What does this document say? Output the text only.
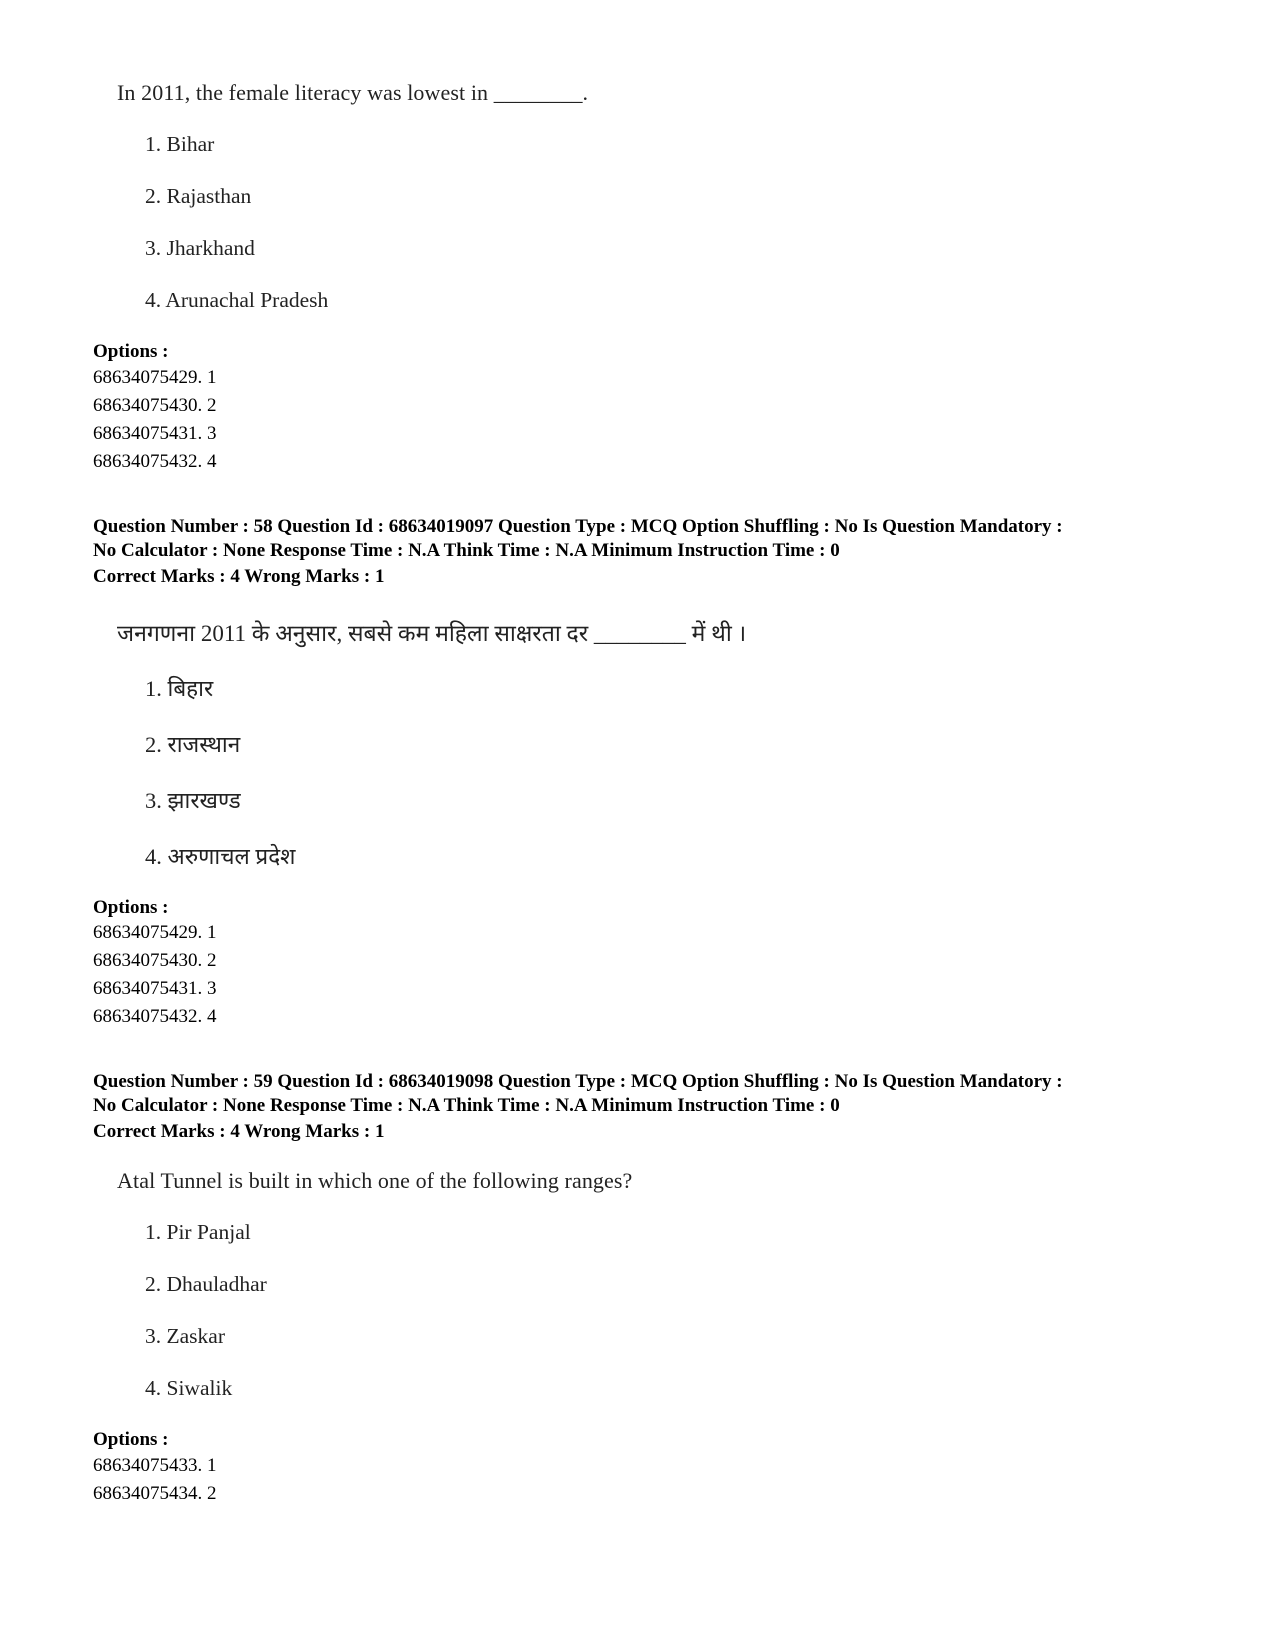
In 2011, the female literacy was lowest in ________.
1. Bihar
2. Rajasthan
3. Jharkhand
4. Arunachal Pradesh
Options :
68634075429. 1
68634075430. 2
68634075431. 3
68634075432. 4
Question Number : 58 Question Id : 68634019097 Question Type : MCQ Option Shuffling : No Is Question Mandatory :
No Calculator : None Response Time : N.A Think Time : N.A Minimum Instruction Time : 0
Correct Marks : 4 Wrong Marks : 1
जनगणना 2011 के अनुसार, सबसे कम महिला साक्षरता दर ________ में थी ।
1. बिहार
2. राजस्थान
3. झारखण्ड
4. अरुणाचल प्रदेश
Options :
68634075429. 1
68634075430. 2
68634075431. 3
68634075432. 4
Question Number : 59 Question Id : 68634019098 Question Type : MCQ Option Shuffling : No Is Question Mandatory :
No Calculator : None Response Time : N.A Think Time : N.A Minimum Instruction Time : 0
Correct Marks : 4 Wrong Marks : 1
Atal Tunnel is built in which one of the following ranges?
1. Pir Panjal
2. Dhauladhar
3. Zaskar
4. Siwalik
Options :
68634075433. 1
68634075434. 2
